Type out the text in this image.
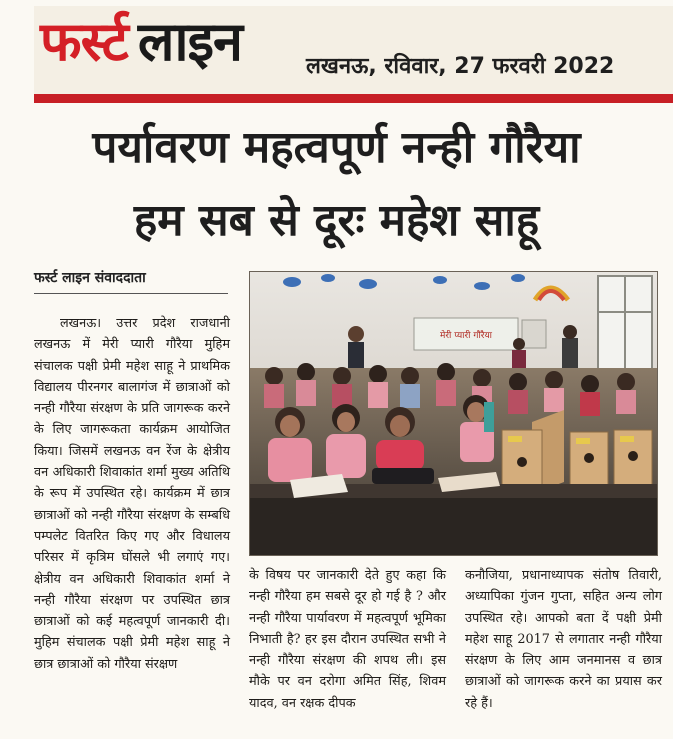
फर्स्ट लाइन	लखनऊ, रविवार, 27 फरवरी 2022
पर्यावरण महत्वपूर्ण नन्ही गौरैया
हम सब से दूरः महेश साहू
फर्स्ट लाइन संवाददाता
लखनऊ। उत्तर प्रदेश राजधानी लखनऊ में मेरी प्यारी गौरैया मुहिम संचालक पक्षी प्रेमी महेश साहू ने प्राथमिक विद्यालय पीरनगर बालागंज में छात्राओं को नन्ही गौरैया संरक्षण के प्रति जागरूक करने के लिए जागरूकता कार्यक्रम आयोजित किया। जिसमें लखनऊ वन रेंज के क्षेत्रीय वन अधिकारी शिवाकांत शर्मा मुख्य अतिथि के रूप में उपस्थित रहे। कार्यक्रम में छात्र छात्राओं को नन्ही गौरैया संरक्षण के सम्बधि पम्पलेट वितरित किए गए और विधालय परिसर में कृत्रिम घोंसले भी लगाएं गए। क्षेत्रीय वन अधिकारी शिवाकांत शर्मा ने नन्ही गौरैया संरक्षण पर उपस्थित छात्र छात्राओं को कई महत्वपूर्ण जानकारी दी। मुहिम संचालक पक्षी प्रेमी महेश साहू ने छात्र छात्राओं को गौरैया संरक्षण
के विषय पर जानकारी देते हुए कहा कि नन्ही गौरैया हम सबसे दूर हो गई है ? और नन्ही गौरैया पार्यावरण में महत्वपूर्ण भूमिका निभाती है? हर इस दौरान उपस्थित सभी ने नन्ही गौरैया संरक्षण की शपथ ली। इस मौके पर वन दरोगा अमित सिंह, शिवम यादव, वन रक्षक दीपक
कनौजिया, प्रधानाध्यापक संतोष तिवारी, अध्यापिका गुंजन गुप्ता, सहित अन्य लोग उपस्थित रहे। आपको बता दें पक्षी प्रेमी महेश साहू 2017 से लगातार नन्ही गौरैया संरक्षण के लिए आम जनमानस व छात्र छात्राओं को जागरूक करने का प्रयास कर रहे हैं।
मेरी प्यारी गौरैया
